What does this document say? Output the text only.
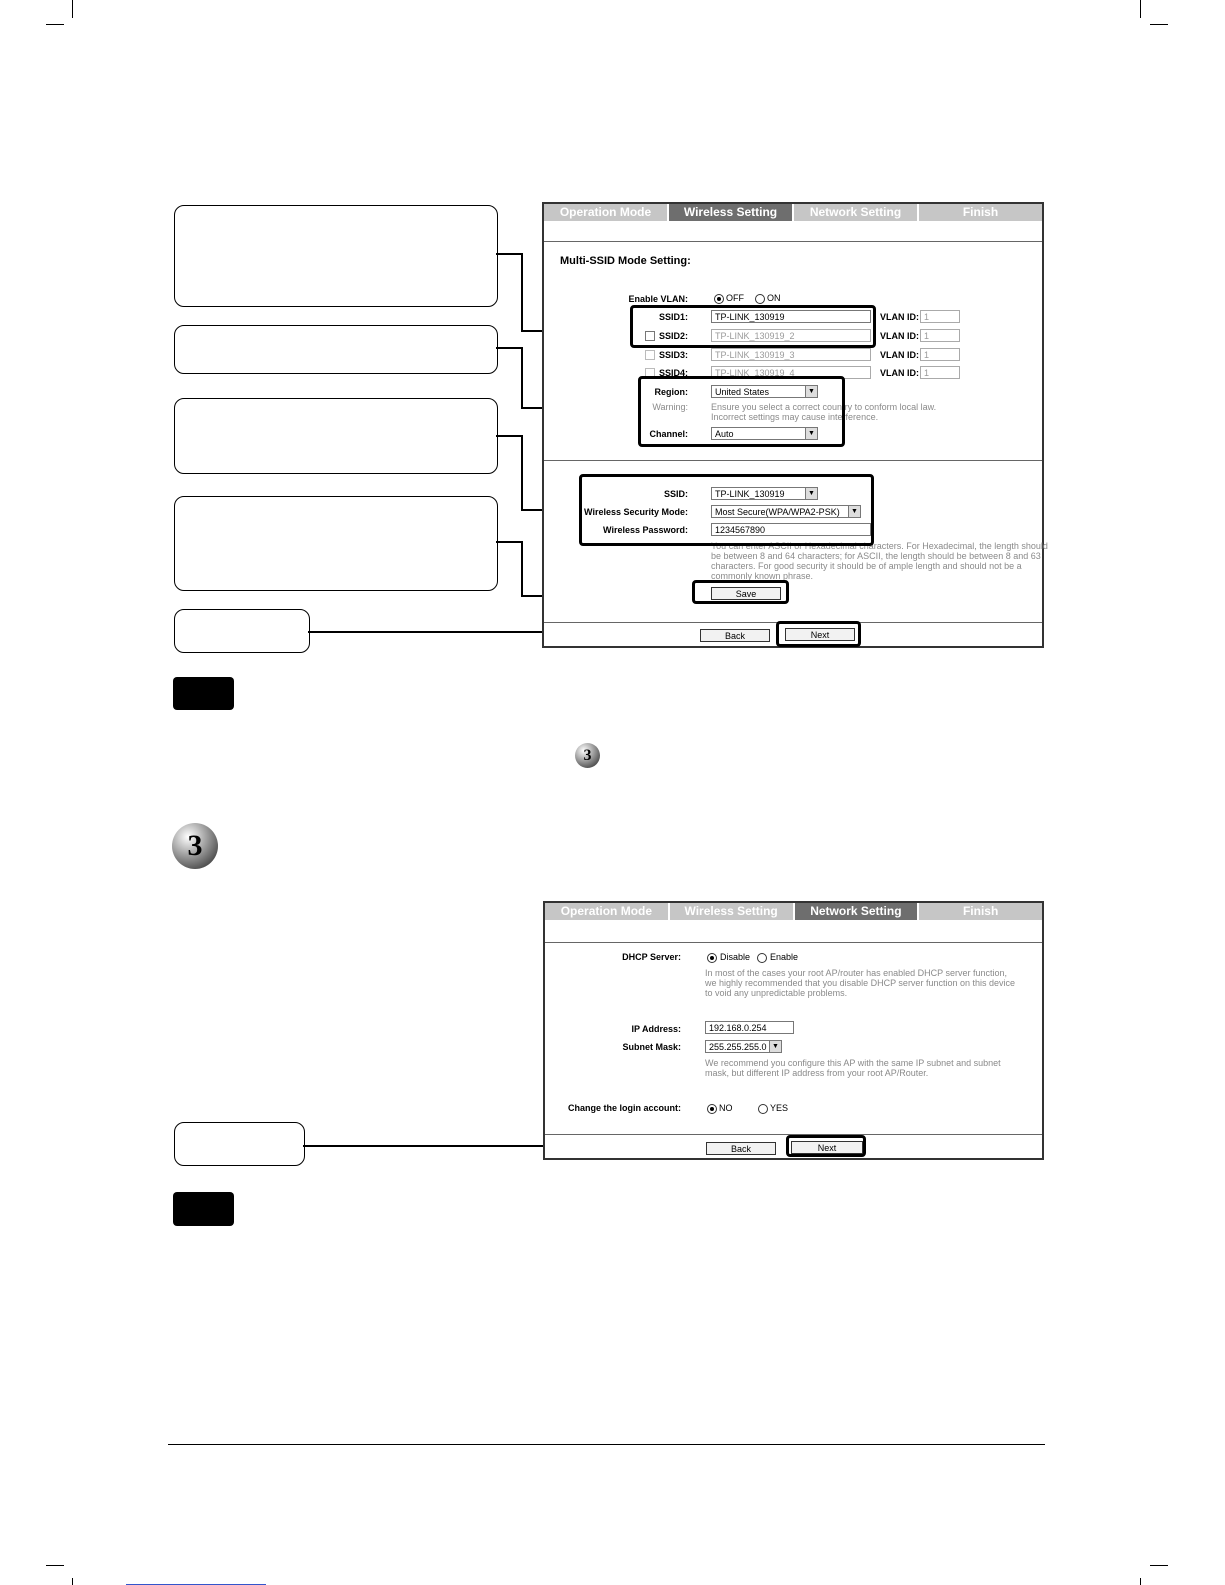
Operation Mode	Wireless Setting	Network Setting	Finish
Multi-SSID Mode Setting:
Enable VLAN:	OFF	ON
SSID1:	TP-LINK_130919	VLAN ID: 1
SSID2:	TP-LINK_130919_2	VLAN ID: 1
SSID3:	TP-LINK_130919_3	VLAN ID: 1
SSID4:	TP-LINK_130919_4	VLAN ID: 1
Region:	United States	▼
Warning:	Ensure you select a correct country to conform local law.
Incorrect settings may cause interference.
Channel:	Auto	▼
SSID:	TP-LINK_130919	▼
Wireless Security Mode:	Most Secure(WPA/WPA2-PSK)	▼
Wireless Password:	1234567890
You can enter ASCII or Hexadecimal characters. For Hexadecimal, the length should
be between 8 and 64 characters; for ASCII, the length should be between 8 and 63
characters. For good security it should be of ample length and should not be a
commonly known phrase.
Save
Back	Next
3
3
Operation Mode	Wireless Setting	Network Setting	Finish
DHCP Server:	Disable Enable
In most of the cases your root AP/router has enabled DHCP server function,
we highly recommended that you disable DHCP server function on this device
to void any unpredictable problems.
IP Address:	192.168.0.254
Subnet Mask:	255.255.255.0 ▼
We recommend you configure this AP with the same IP subnet and subnet
mask, but different IP address from your root AP/Router.
Change the login account:	NO	YES
Back	Next
